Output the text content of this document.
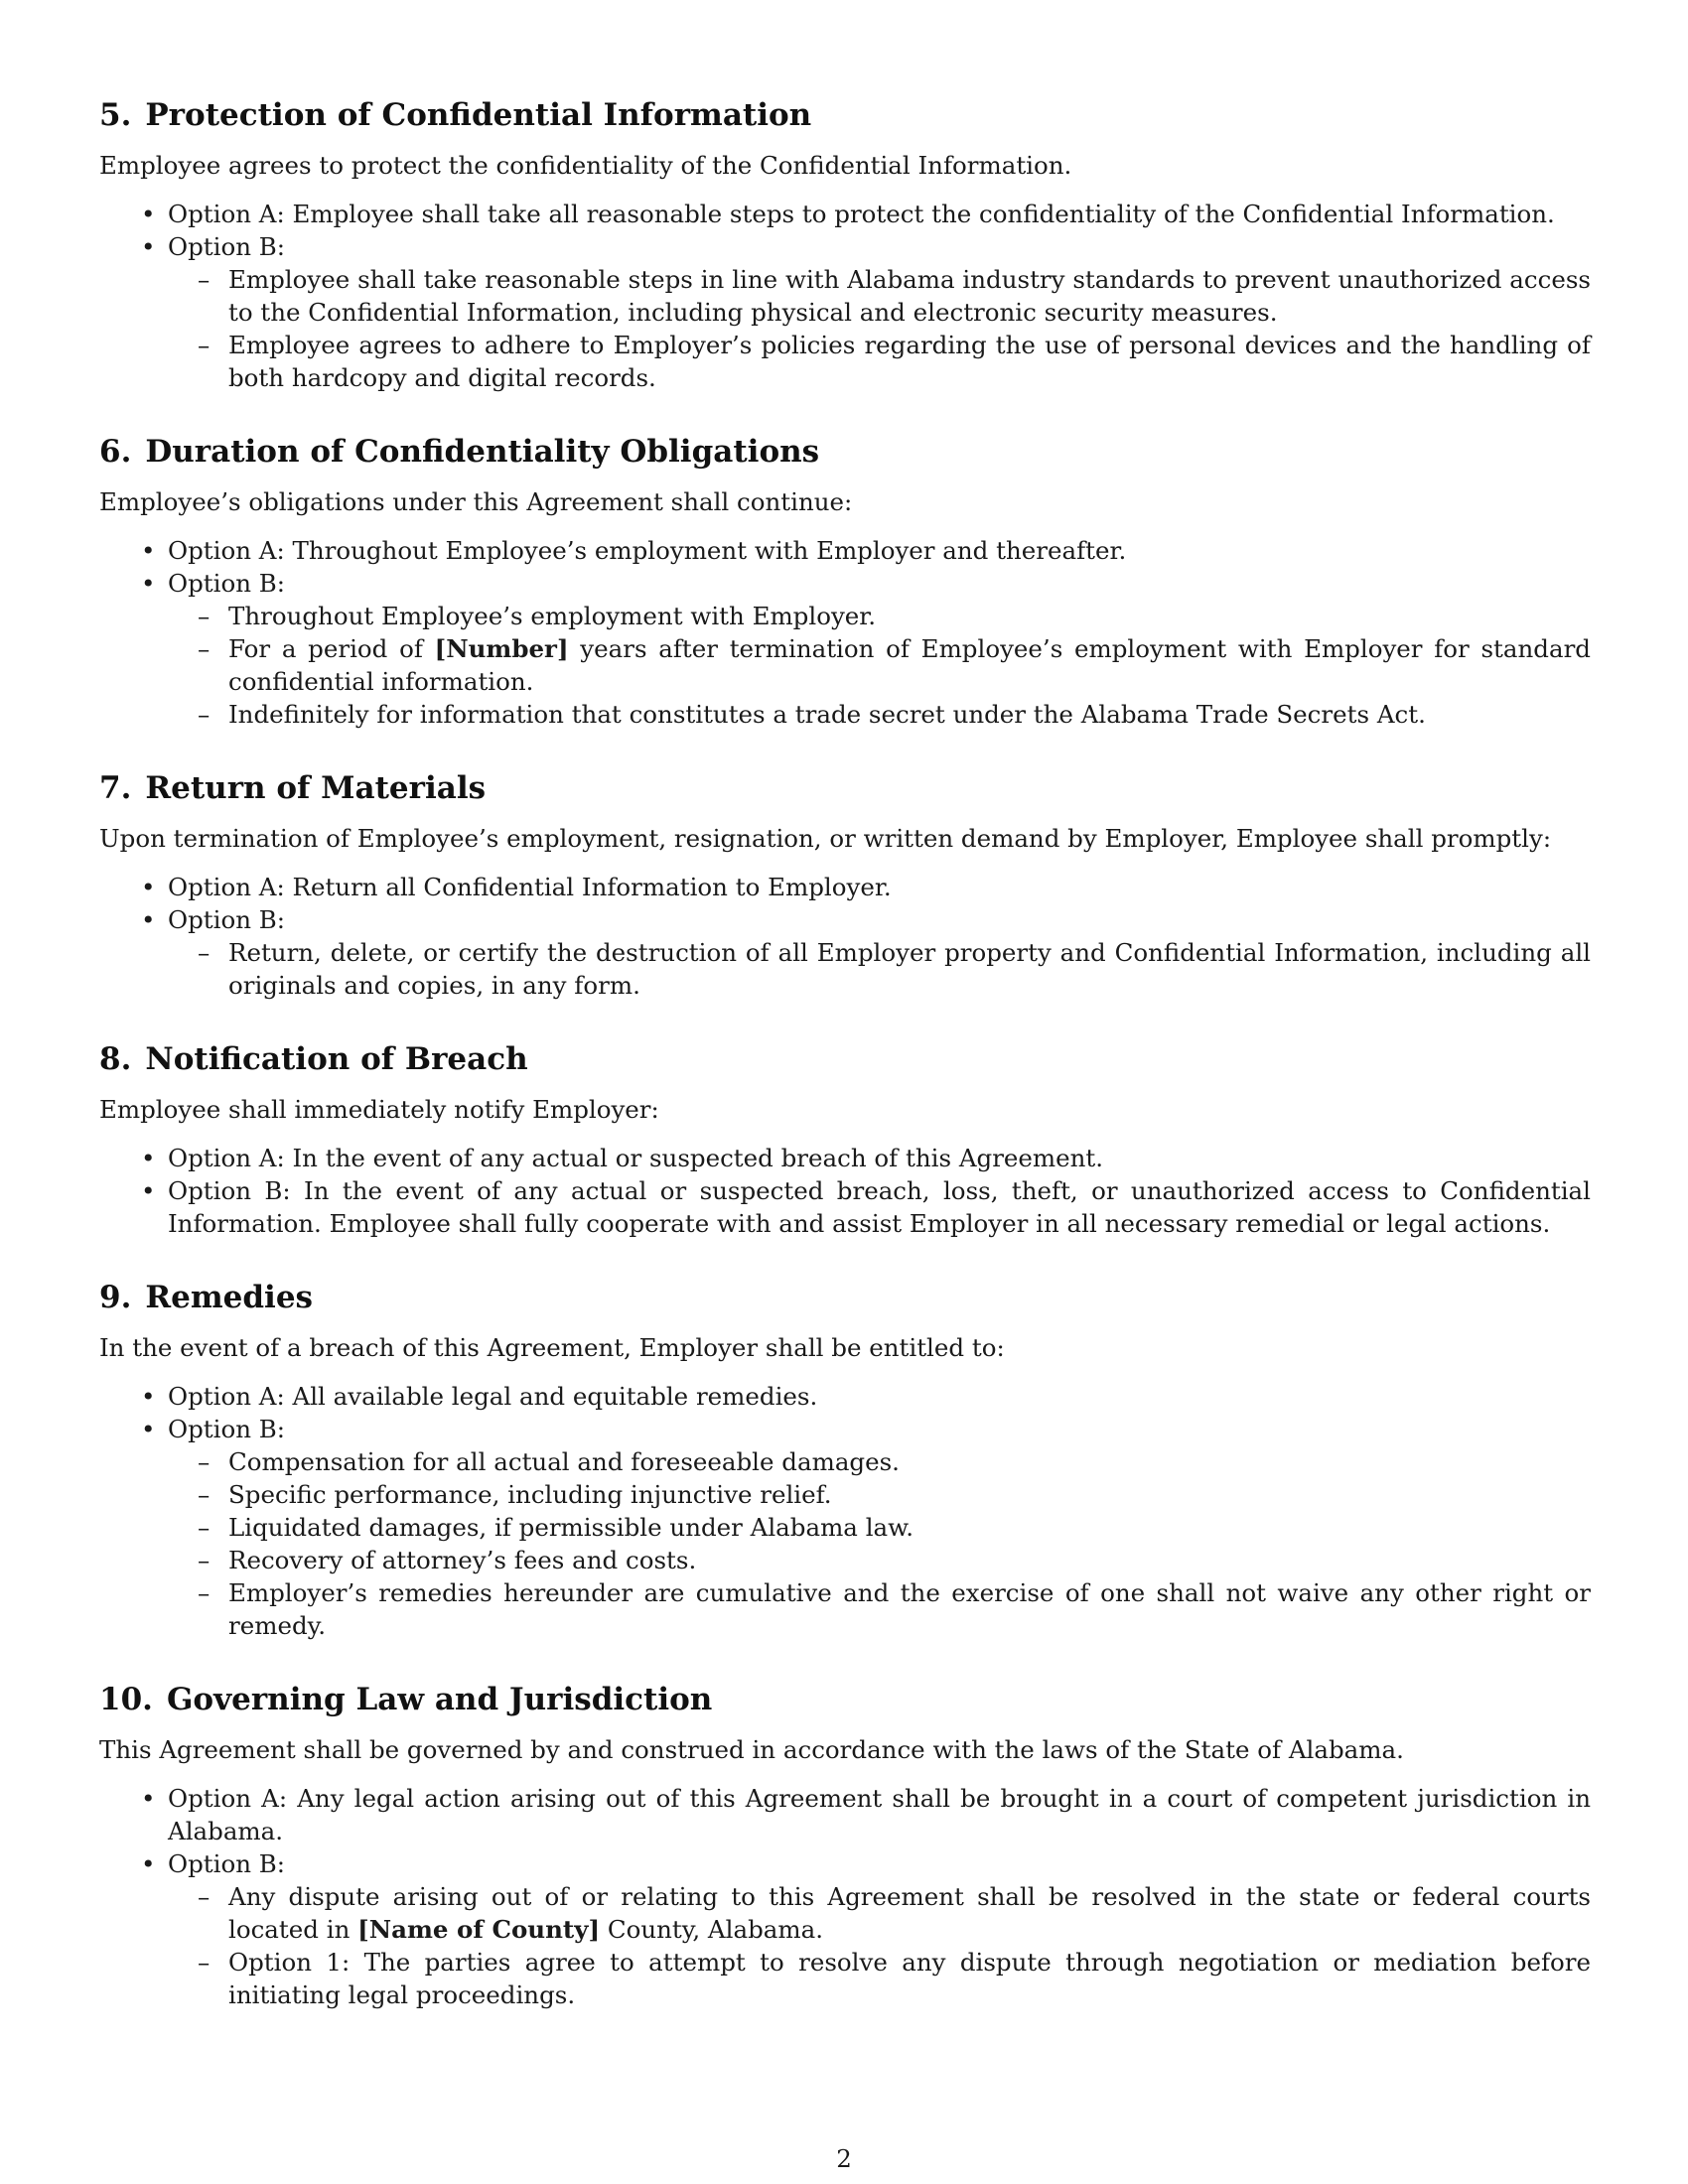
5. Protection of Confidential Information

Employee agrees to protect the confidentiality of the Confidential Information.

• Option A: Employee shall take all reasonable steps to protect the confidentiality of the Confidential Information.
• Option B:
– Employee shall take reasonable steps in line with Alabama industry standards to prevent unauthorized access to the Confidential Information, including physical and electronic security measures.
– Employee agrees to adhere to Employer’s policies regarding the use of personal devices and the handling of both hardcopy and digital records.
6. Duration of Confidentiality Obligations

Employee’s obligations under this Agreement shall continue:

• Option A: Throughout Employee’s employment with Employer and thereafter.
• Option B:
– Throughout Employee’s employment with Employer.
– For a period of [Number] years after termination of Employee’s employment with Employer for standard confidential information.
– Indefinitely for information that constitutes a trade secret under the Alabama Trade Secrets Act.
7. Return of Materials

Upon termination of Employee’s employment, resignation, or written demand by Employer, Employee shall promptly:

• Option A: Return all Confidential Information to Employer.
• Option B:
– Return, delete, or certify the destruction of all Employer property and Confidential Information, including all originals and copies, in any form.
8. Notification of Breach

Employee shall immediately notify Employer:

• Option A: In the event of any actual or suspected breach of this Agreement.
• Option B: In the event of any actual or suspected breach, loss, theft, or unauthorized access to Confidential Information. Employee shall fully cooperate with and assist Employer in all necessary remedial or legal actions.
9. Remedies

In the event of a breach of this Agreement, Employer shall be entitled to:

• Option A: All available legal and equitable remedies.
• Option B:
– Compensation for all actual and foreseeable damages.
– Specific performance, including injunctive relief.
– Liquidated damages, if permissible under Alabama law.
– Recovery of attorney’s fees and costs.
– Employer’s remedies hereunder are cumulative and the exercise of one shall not waive any other right or remedy.
10. Governing Law and Jurisdiction

This Agreement shall be governed by and construed in accordance with the laws of the State of Alabama.

• Option A: Any legal action arising out of this Agreement shall be brought in a court of competent jurisdiction in Alabama.
• Option B:
– Any dispute arising out of or relating to this Agreement shall be resolved in the state or federal courts located in [Name of County] County, Alabama.
– Option 1: The parties agree to attempt to resolve any dispute through negotiation or mediation before initiating legal proceedings.
2
